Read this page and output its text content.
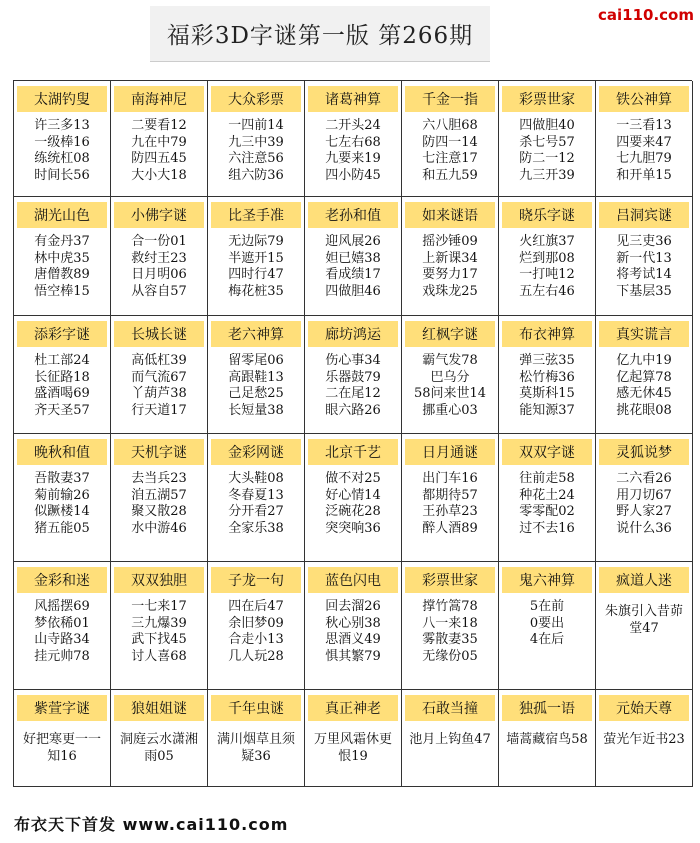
福彩3D字谜第一版 第266期
cai110.com
太湖钓叟
许三多13
一级棒16
练统杠08
时间长56
南海神尼
二要看12
九在中79
防四五45
大小大18
大众彩票
一四前14
九三中39
六注意56
组六防36
诸葛神算
二开头24
七左右68
九要来19
四小防45
千金一指
六八胆68
防四一14
七注意17
和五九59
彩票世家
四做胆40
杀七号57
防二一12
九三开39
铁公神算
一三看13
四要来47
七九胆79
和开单15
湖光山色
有金丹37
林中虎35
唐僧教89
悟空棒15
小佛字谜
合一份01
救纣王23
日月明06
从容自57
比圣手准
无边际79
半遮开15
四时行47
梅花桩35
老孙和值
迎风展26
妲已嬉38
看成绩17
四做胆46
如来谜语
摇沙锤09
上新课34
要努力17
戏珠龙25
晓乐字谜
火红旗37
烂到那08
一打吨12
五左右46
吕洞宾谜
见三吏36
新一代13
将考试14
下基层35
添彩字谜
杜工部24
长征路18
盛酒喝69
齐天圣57
长城长谜
高低杠39
而气流67
丫葫芦38
行天道17
老六神算
留零尾06
高跟鞋13
己足愁25
长短量38
廊坊鸿运
伤心事34
乐器鼓79
二在尾12
眼六路26
红枫字谜
霸气发78
巴乌分
58问来世14
挪重心03
布衣神算
弹三弦35
松竹梅36
莫斯科15
能知源37
真实谎言
亿九中19
亿起算78
感无休45
挑花眼08
晚秋和值
吾散妻37
菊前输26
似蹶楼14
猪五能05
天机字谜
去当兵23
洎五湖57
聚又散28
水中游46
金彩网谜
大头鞋08
冬春夏13
分开看27
全家乐38
北京千艺
做不对25
好心情14
泛碗花28
突突响36
日月通谜
出门车16
都期待57
王孙草23
醉人酒89
双双字谜
往前走58
种花土24
零零配02
过不去16
灵狐说梦
二六看26
用刀切67
野人家27
说什么36
金彩和迷
风摇摆69
梦依稀01
山寺路34
挂元帅78
双双独胆
一七来17
三九爆39
武下找45
讨人喜68
子龙一句
四在后47
余旧梦09
合走小13
几人玩28
蓝色闪电
回去溜26
秋心别38
思酒义49
惧其繁79
彩票世家
撑竹篙78
八一来18
雾散妻35
无缘份05
鬼六神算
5在前
0要出
4在后
疯道人迷
朱旗引入昔茆堂47
紫萱字谜
好把寒更一一知16
狼姐姐谜
洞庭云水潇湘雨05
千年虫谜
满川烟草且须疑36
真正神老
万里风霜休更恨19
石敢当撞
池月上钩鱼47
独孤一语
墙蒿藏宿鸟58
元始天尊
萤光乍近书23
布衣天下首发 www.cai110.com
